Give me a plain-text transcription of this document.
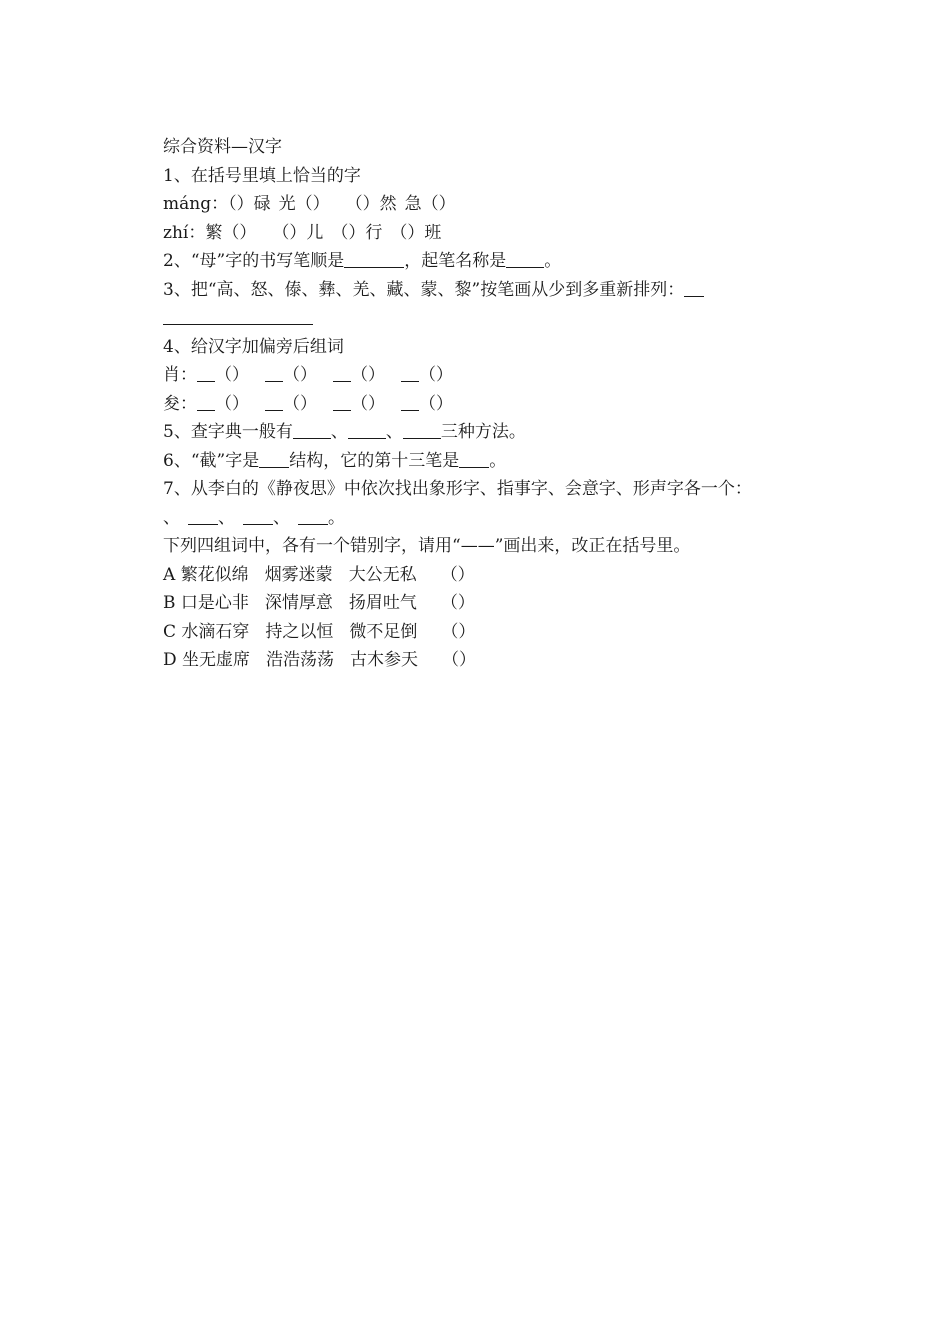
综合资料—汉字
1、在括号里填上恰当的字
máng：（）碌 光（） （）然 急（）
zhí：繁（） （）儿 （）行 （）班
2、“母”字的书写笔顺是	，起笔名称是 。
3、把“高、怒、傣、彝、羌、藏、蒙、黎”按笔画从少到多重新排列：
4、给汉字加偏旁后组词
肖： （） （） （） （）
夋： （） （） （） （）
5、查字典一般有 、 、 三种方法。
6、“截”字是 结构，它的第十三笔是 。
7、从李白的《静夜思》中依次找出象形字、指事字、会意字、形声字各一个：
、 、 、 。
下列四组词中，各有一个错别字，请用“——”画出来，改正在括号里。
A 繁花似绵 烟雾迷蒙 大公无私 （）
B 口是心非 深情厚意 扬眉吐气 （）
C 水滴石穿 持之以恒 微不足倒 （）
D 坐无虚席 浩浩荡荡 古木参天 （）
